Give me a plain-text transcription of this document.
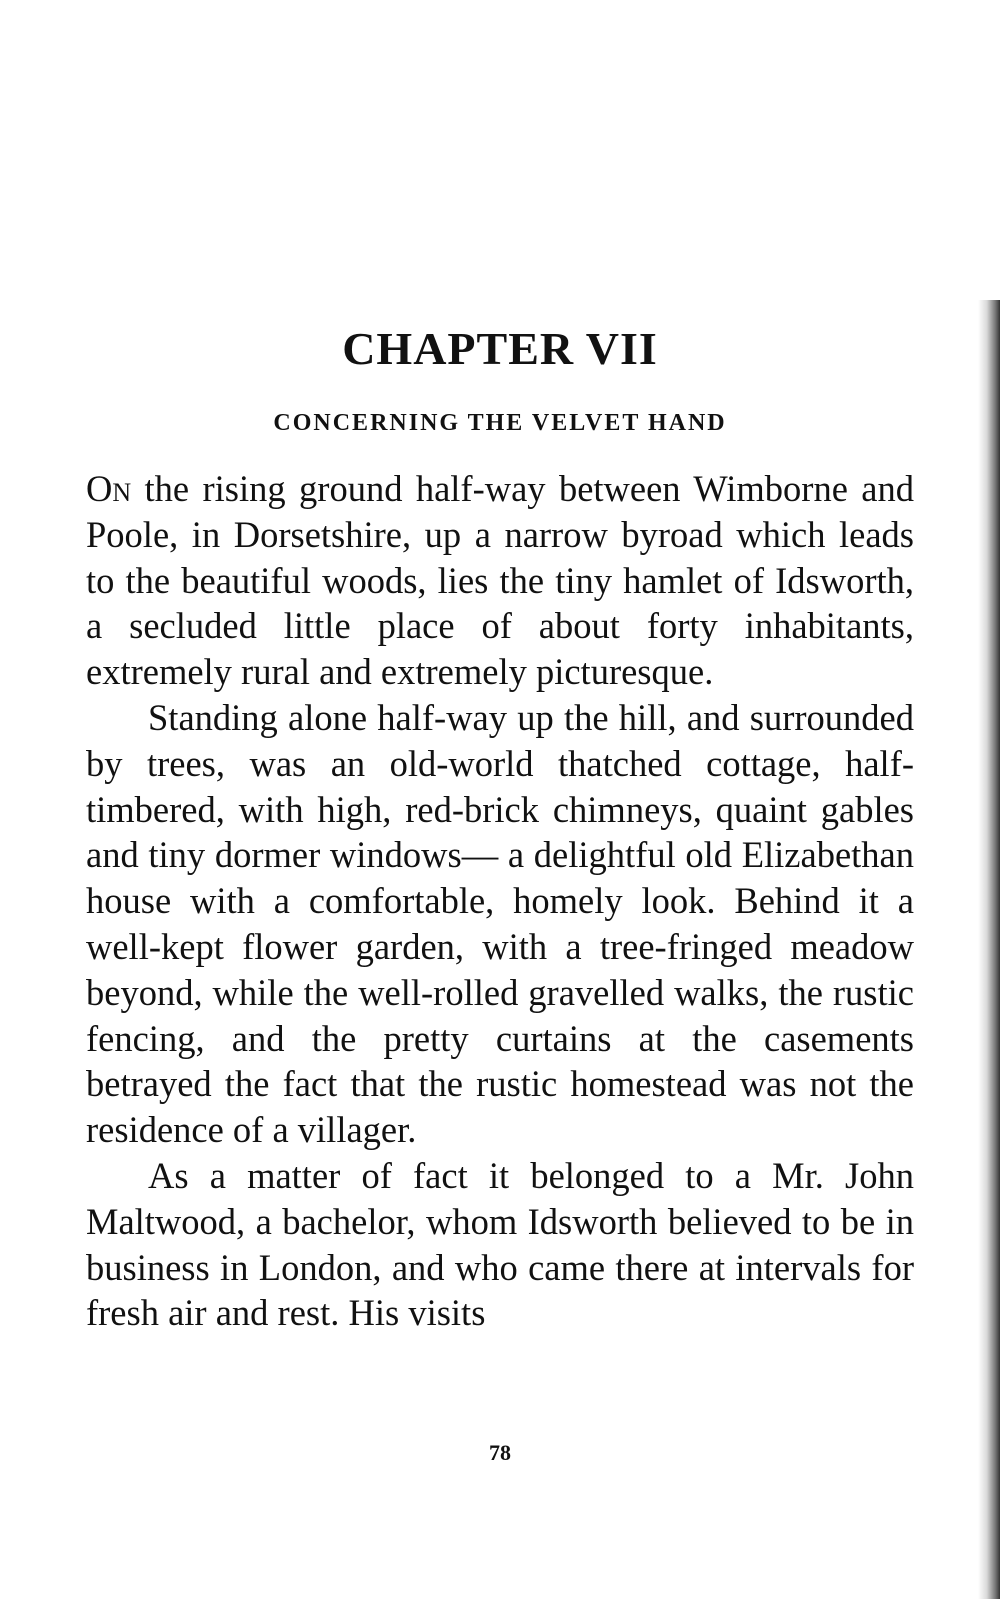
CHAPTER VII
CONCERNING THE VELVET HAND

On the rising ground half-way between Wimborne and Poole, in Dorsetshire, up a narrow byroad which leads to the beautiful woods, lies the tiny hamlet of Idsworth, a secluded little place of about forty inhabitants, extremely rural and extremely picturesque.

Standing alone half-way up the hill, and surrounded by trees, was an old-world thatched cottage, half-timbered, with high, red-brick chimneys, quaint gables and tiny dormer windows— a delightful old Elizabethan house with a comfortable, homely look. Behind it a well-kept flower garden, with a tree-fringed meadow beyond, while the well-rolled gravelled walks, the rustic fencing, and the pretty curtains at the casements betrayed the fact that the rustic homestead was not the residence of a villager.

As a matter of fact it belonged to a Mr. John Maltwood, a bachelor, whom Idsworth believed to be in business in London, and who came there at intervals for fresh air and rest. His visits

78
